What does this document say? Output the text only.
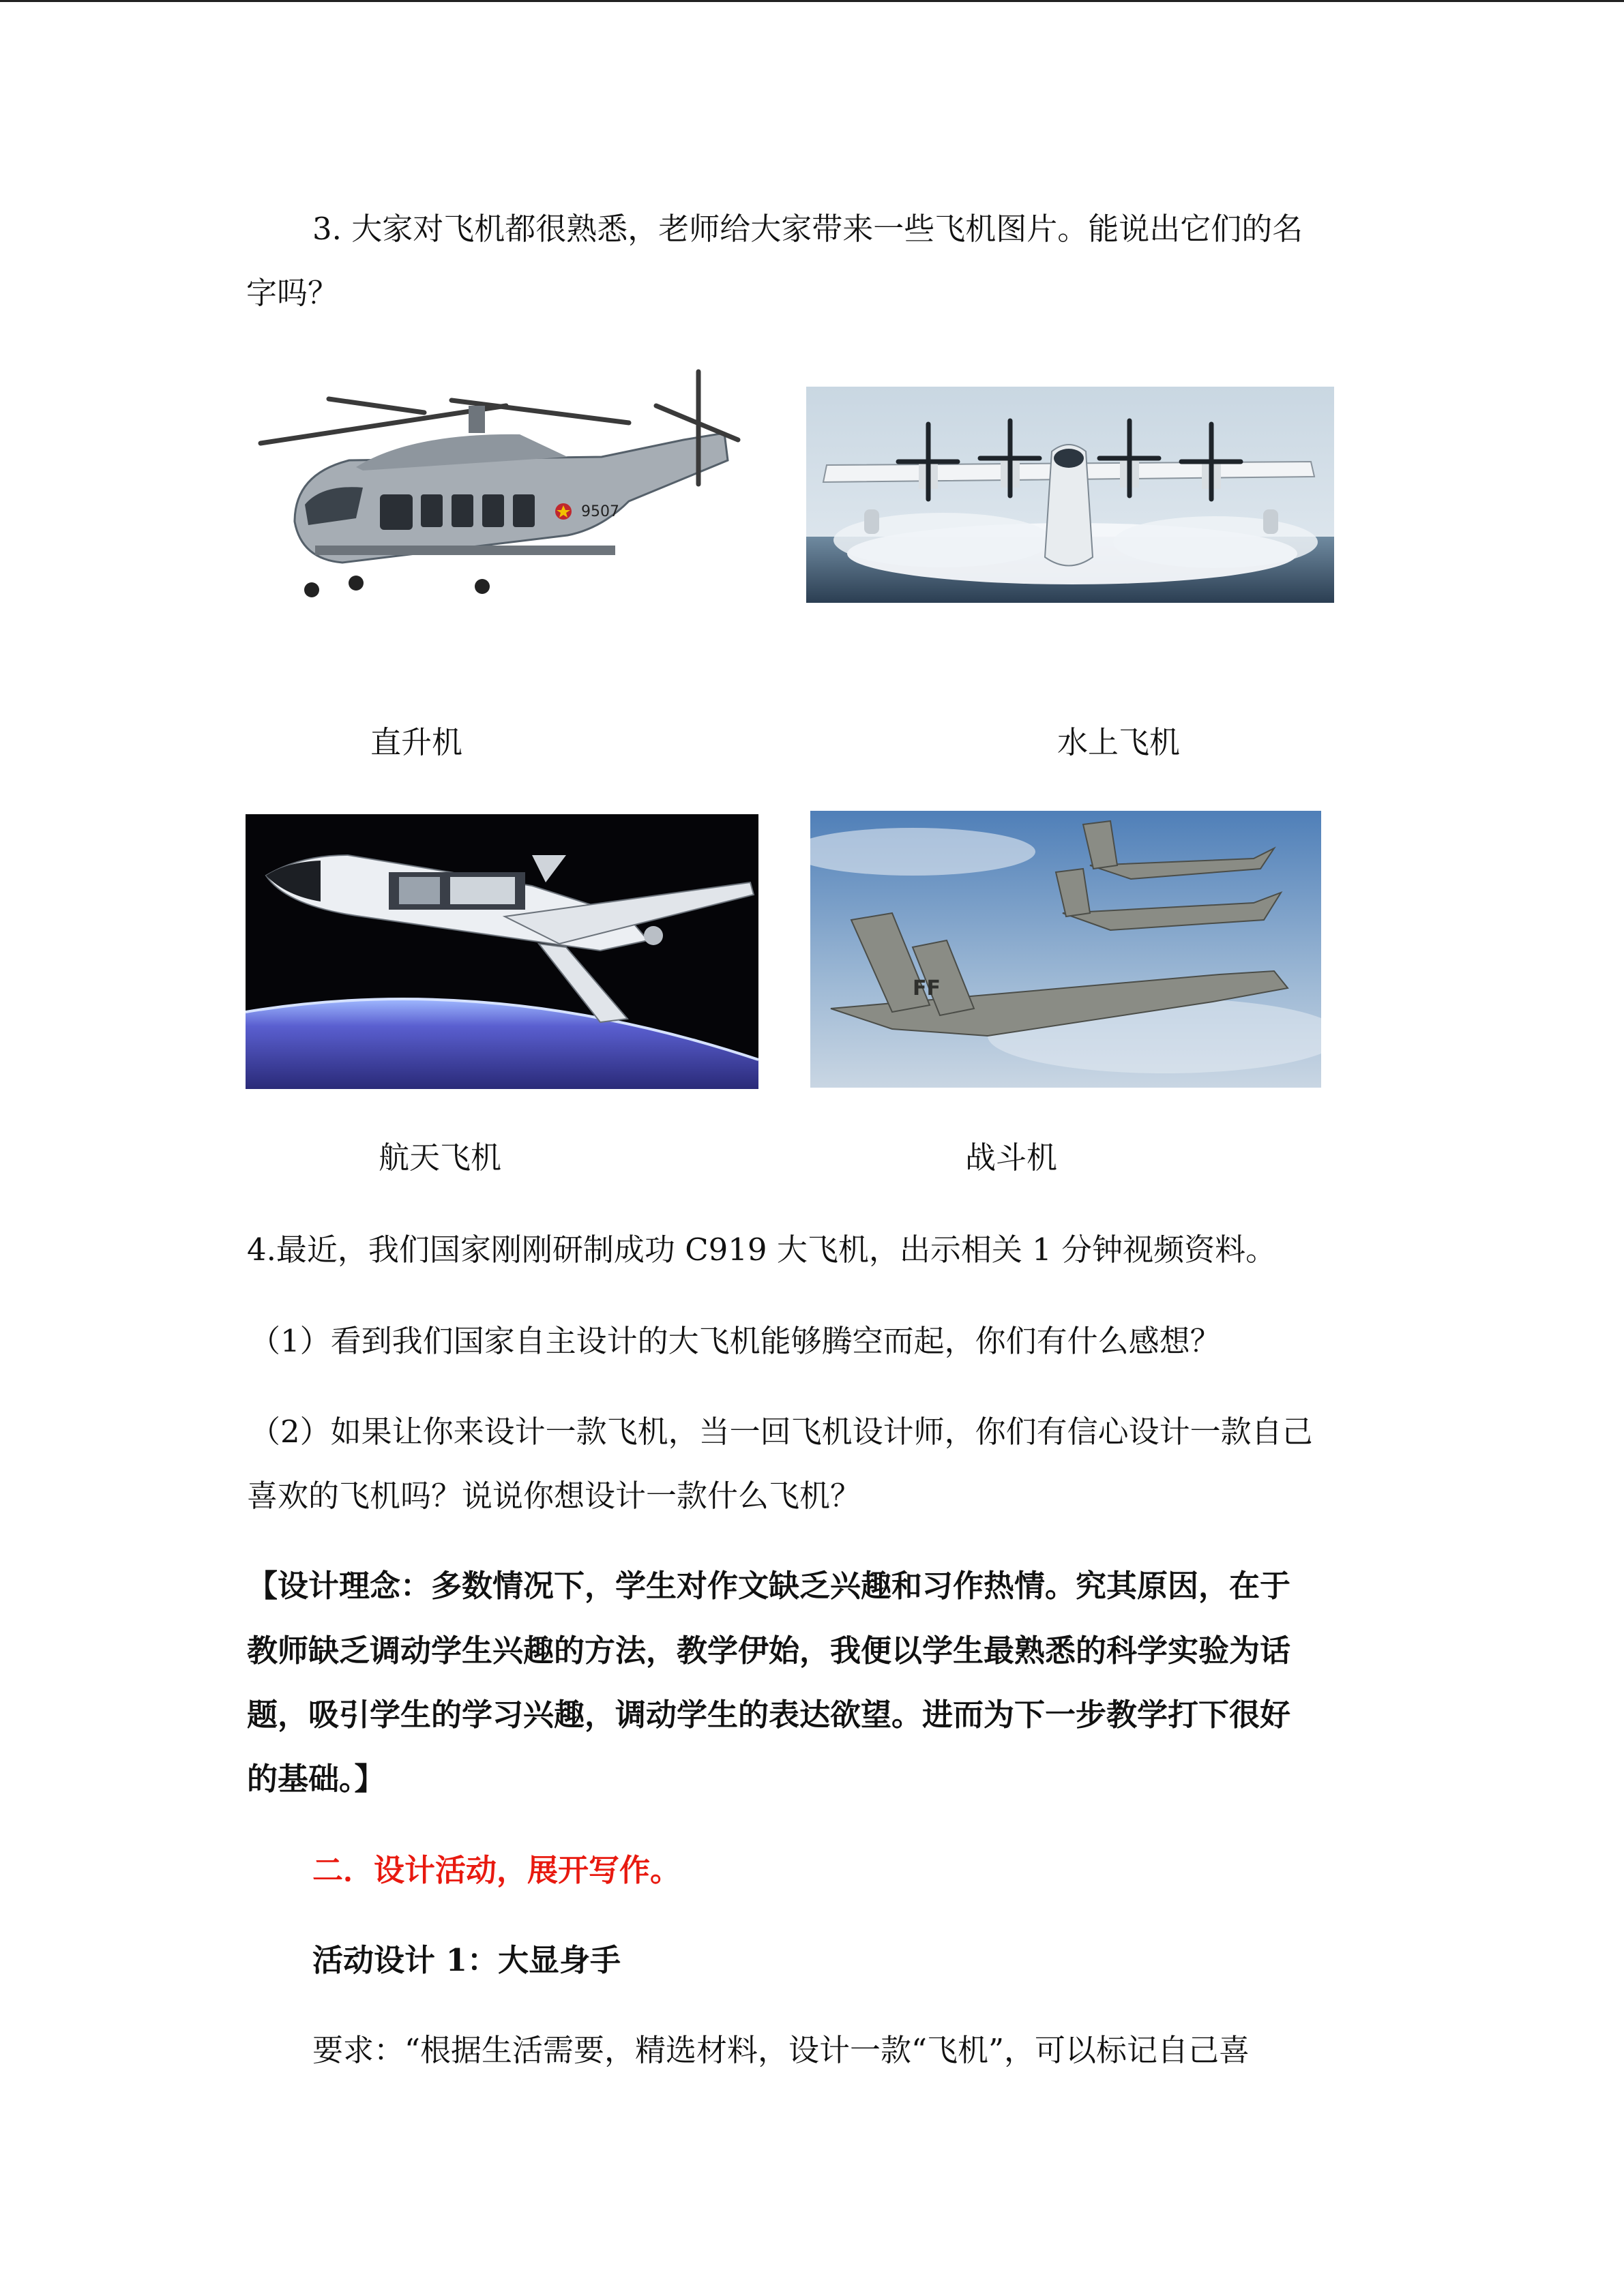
3. 大家对飞机都很熟悉，老师给大家带来一些飞机图片。能说出它们的名
字吗？
9507
直升机	水上飞机
FF
航天飞机	战斗机
4.最近，我们国家刚刚研制成功 C919 大飞机，出示相关 1 分钟视频资料。
（1）看到我们国家自主设计的大飞机能够腾空而起，你们有什么感想？
（2）如果让你来设计一款飞机，当一回飞机设计师，你们有信心设计一款自己
喜欢的飞机吗？说说你想设计一款什么飞机？
【设计理念：多数情况下，学生对作文缺乏兴趣和习作热情。究其原因，在于
教师缺乏调动学生兴趣的方法，教学伊始，我便以学生最熟悉的科学实验为话
题，吸引学生的学习兴趣，调动学生的表达欲望。进而为下一步教学打下很好
的基础。】
二．设计活动，展开写作。
活动设计 1：大显身手
要求：“根据生活需要，精选材料，设计一款“飞机”，可以标记自己喜
